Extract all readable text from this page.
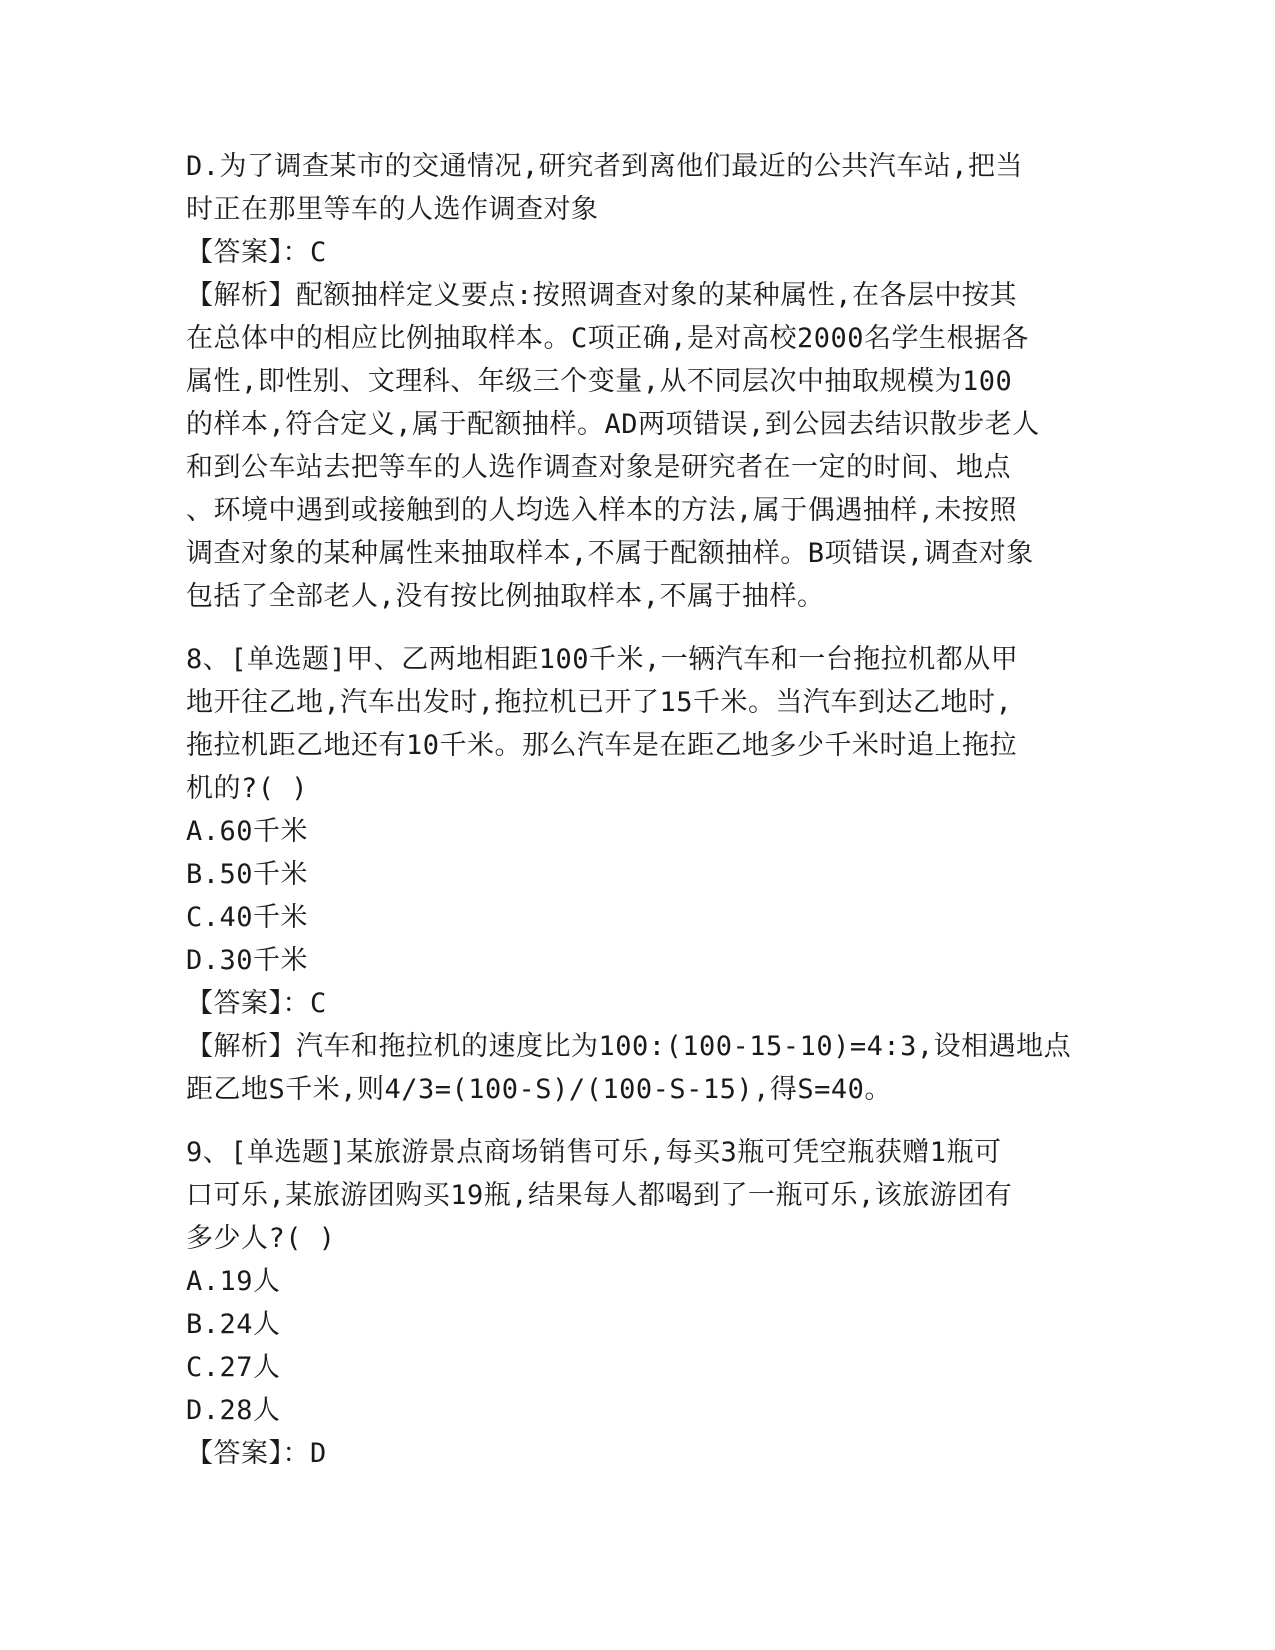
D.为了调查某市的交通情况,研究者到离他们最近的公共汽车站,把当
时正在那里等车的人选作调查对象
【答案】：C
【解析】配额抽样定义要点:按照调查对象的某种属性,在各层中按其
在总体中的相应比例抽取样本。C项正确,是对高校2000名学生根据各
属性,即性别、文理科、年级三个变量,从不同层次中抽取规模为100
的样本,符合定义,属于配额抽样。AD两项错误,到公园去结识散步老人
和到公车站去把等车的人选作调查对象是研究者在一定的时间、地点
、环境中遇到或接触到的人均选入样本的方法,属于偶遇抽样,未按照
调查对象的某种属性来抽取样本,不属于配额抽样。B项错误,调查对象
包括了全部老人,没有按比例抽取样本,不属于抽样。
8、[单选题]甲、乙两地相距100千米,一辆汽车和一台拖拉机都从甲
地开往乙地,汽车出发时,拖拉机已开了15千米。当汽车到达乙地时,
拖拉机距乙地还有10千米。那么汽车是在距乙地多少千米时追上拖拉
机的?( )
A.60千米
B.50千米
C.40千米
D.30千米
【答案】：C
【解析】汽车和拖拉机的速度比为100:(100-15-10)=4:3,设相遇地点
距乙地S千米,则4/3=(100-S)/(100-S-15),得S=40。
9、[单选题]某旅游景点商场销售可乐,每买3瓶可凭空瓶获赠1瓶可
口可乐,某旅游团购买19瓶,结果每人都喝到了一瓶可乐,该旅游团有
多少人?( )
A.19人
B.24人
C.27人
D.28人
【答案】：D
